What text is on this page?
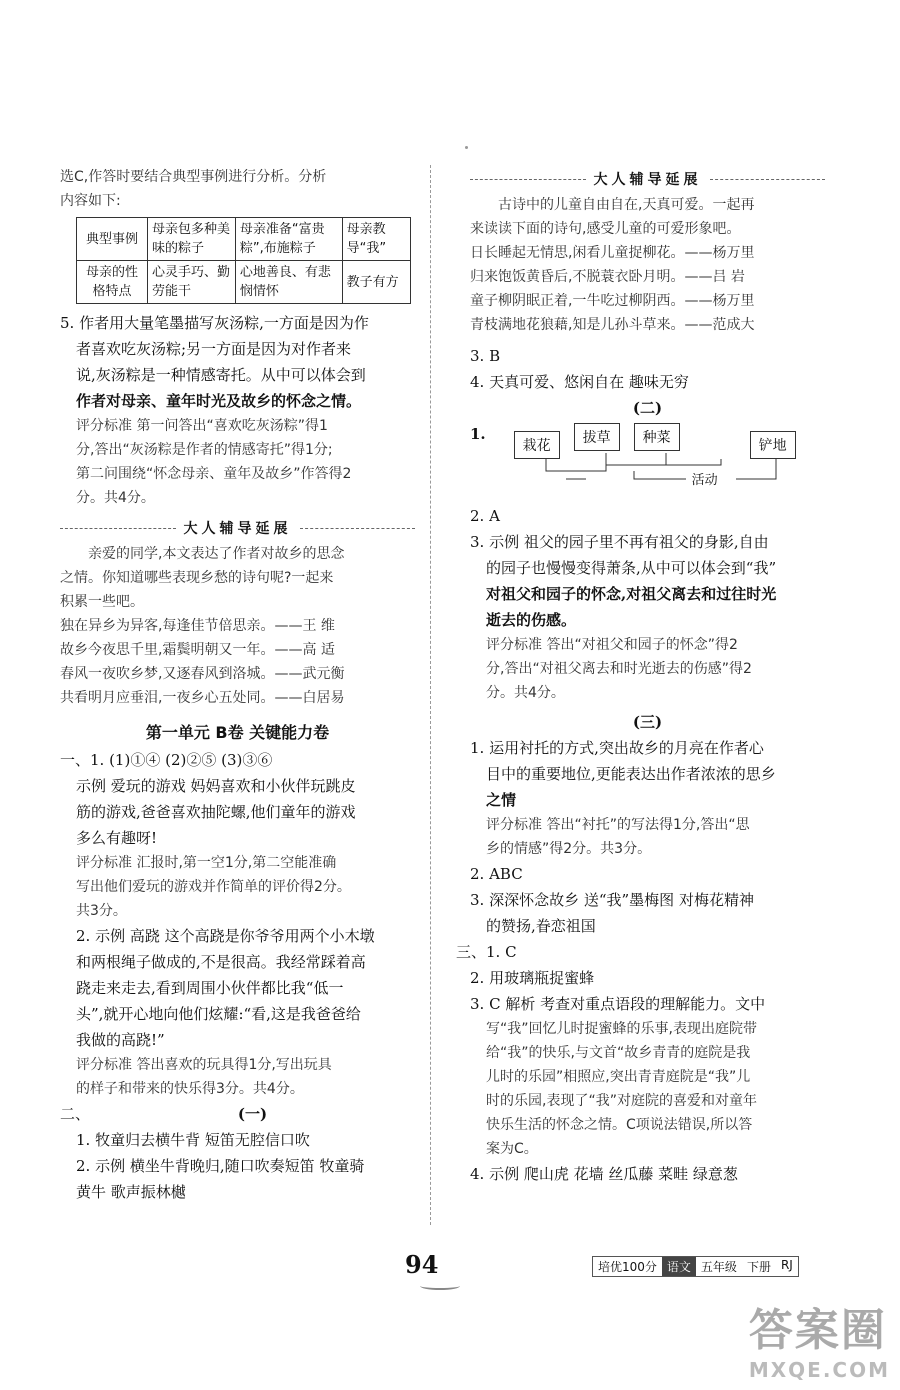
选C,作答时要结合典型事例进行分析。分析

内容如下:

典型事例	母亲包多种美味的粽子	母亲准备“富贵粽”,布施粽子	母亲教导“我”
母亲的性格特点	心灵手巧、勤劳能干	心地善良、有悲悯情怀	教子有方

5. 作者用大量笔墨描写灰汤粽,一方面是因为作

者喜欢吃灰汤粽;另一方面是因为对作者来

说,灰汤粽是一种情感寄托。从中可以体会到

作者对母亲、童年时光及故乡的怀念之情。

评分标准 第一问答出“喜欢吃灰汤粽”得1

分,答出“灰汤粽是作者的情感寄托”得1分;

第二问围绕“怀念母亲、童年及故乡”作答得2

分。共4分。

大人辅导延展

亲爱的同学,本文表达了作者对故乡的思念

之情。你知道哪些表现乡愁的诗句呢?一起来

积累一些吧。

独在异乡为异客,每逢佳节倍思亲。——王 维

故乡今夜思千里,霜鬓明朝又一年。——高 适

春风一夜吹乡梦,又逐春风到洛城。——武元衡

共看明月应垂泪,一夜乡心五处同。——白居易

第一单元 B卷 关键能力卷

一、1. (1)①④ (2)②⑤ (3)③⑥

示例 爱玩的游戏 妈妈喜欢和小伙伴玩跳皮

筋的游戏,爸爸喜欢抽陀螺,他们童年的游戏

多么有趣呀!

评分标准 汇报时,第一空1分,第二空能准确

写出他们爱玩的游戏并作简单的评价得2分。

共3分。

2. 示例 高跷 这个高跷是你爷爷用两个小木墩

和两根绳子做成的,不是很高。我经常踩着高

跷走来走去,看到周围小伙伴都比我“低一

头”,就开心地向他们炫耀:“看,这是我爸爸给

我做的高跷!”

评分标准 答出喜欢的玩具得1分,写出玩具

的样子和带来的快乐得3分。共4分。

二、	(一)

1. 牧童归去横牛背 短笛无腔信口吹

2. 示例 横坐牛背晚归,随口吹奏短笛 牧童骑

黄牛 歌声振林樾

大人辅导延展

古诗中的儿童自由自在,天真可爱。一起再

来读读下面的诗句,感受儿童的可爱形象吧。

日长睡起无情思,闲看儿童捉柳花。——杨万里

归来饱饭黄昏后,不脱蓑衣卧月明。——吕 岩

童子柳阴眠正着,一牛吃过柳阴西。——杨万里

青枝满地花狼藉,知是儿孙斗草来。——范成大

3. B

4. 天真可爱、悠闲自在 趣味无穷

(二)

1.
栽花	拔草	种菜	铲地
活动

2. A

3. 示例 祖父的园子里不再有祖父的身影,自由

的园子也慢慢变得萧条,从中可以体会到“我”

对祖父和园子的怀念,对祖父离去和过往时光

逝去的伤感。

评分标准 答出“对祖父和园子的怀念”得2

分,答出“对祖父离去和时光逝去的伤感”得2

分。共4分。

(三)

1. 运用衬托的方式,突出故乡的月亮在作者心

目中的重要地位,更能表达出作者浓浓的思乡

之情

评分标准 答出“衬托”的写法得1分,答出“思

乡的情感”得2分。共3分。

2. ABC

3. 深深怀念故乡 送“我”墨梅图 对梅花精神

的赞扬,眷恋祖国

三、1. C

2. 用玻璃瓶捉蜜蜂

3. C 解析 考查对重点语段的理解能力。文中

写“我”回忆儿时捉蜜蜂的乐事,表现出庭院带

给“我”的快乐,与文首“故乡青青的庭院是我

儿时的乐园”相照应,突出青青庭院是“我”儿

时的乐园,表现了“我”对庭院的喜爱和对童年

快乐生活的怀念之情。C项说法错误,所以答

案为C。

4. 示例 爬山虎 花墙 丝瓜藤 菜畦 绿意葱

94	培优100分 语文 五年级 下册 RJ
答案圈
MXQE.COM
